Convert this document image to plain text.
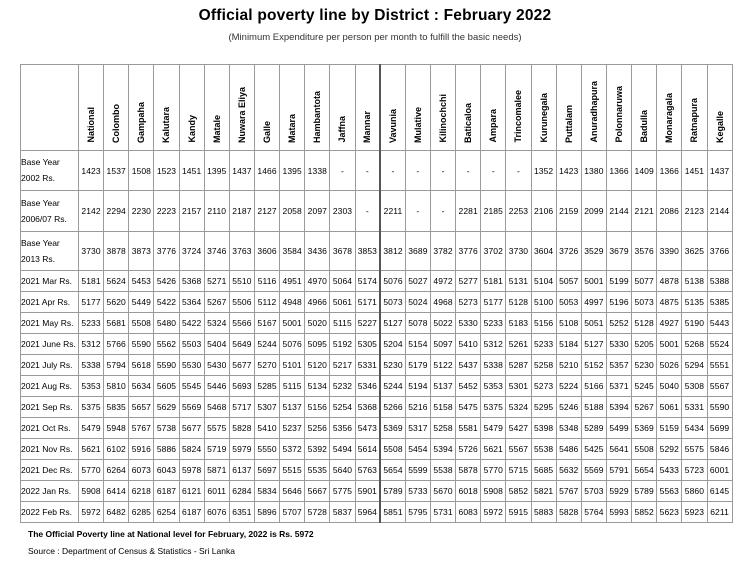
Official poverty line by District : February 2022
(Minimum Expenditure per person per month to fulfill the basic needs)
	National	Colombo	Gampaha	Kalutara	Kandy	Matale	Nuwara Eliya	Galle	Matara	Hambantota	Jaffna	Mannar	Vavunia	Mulative	Kilinochchi	Baticaloa	Ampara	Trincomalee	Kurunegala	Puttalam	Anuradhapura	Polonnaruwa	Badulla	Monaragala	Ratnapura	Kegalle

Base Year
2002 Rs.	1423	1537	1508	1523	1451	1395	1437	1466	1395	1338	-	-	-	-	-	-	-	-	1352	1423	1380	1366	1409	1366	1451	1437

Base Year
2006/07 Rs.	2142	2294	2230	2223	2157	2110	2187	2127	2058	2097	2303	-	2211	-	-	2281	2185	2253	2106	2159	2099	2144	2121	2086	2123	2144

Base Year
2013 Rs.	3730	3878	3873	3776	3724	3746	3763	3606	3584	3436	3678	3853	3812	3689	3782	3776	3702	3730	3604	3726	3529	3679	3576	3390	3625	3766

2021 Mar Rs.	5181	5624	5453	5426	5368	5271	5510	5116	4951	4970	5064	5174	5076	5027	4972	5277	5181	5131	5104	5057	5001	5199	5077	4878	5138	5388

2021 Apr Rs.	5177	5620	5449	5422	5364	5267	5506	5112	4948	4966	5061	5171	5073	5024	4968	5273	5177	5128	5100	5053	4997	5196	5073	4875	5135	5385

2021 May Rs.	5233	5681	5508	5480	5422	5324	5566	5167	5001	5020	5115	5227	5127	5078	5022	5330	5233	5183	5156	5108	5051	5252	5128	4927	5190	5443

2021 June Rs.	5312	5766	5590	5562	5503	5404	5649	5244	5076	5095	5192	5305	5204	5154	5097	5410	5312	5261	5233	5184	5127	5330	5205	5001	5268	5524

2021 July Rs.	5338	5794	5618	5590	5530	5430	5677	5270	5101	5120	5217	5331	5230	5179	5122	5437	5338	5287	5258	5210	5152	5357	5230	5026	5294	5551

2021 Aug Rs.	5353	5810	5634	5605	5545	5446	5693	5285	5115	5134	5232	5346	5244	5194	5137	5452	5353	5301	5273	5224	5166	5371	5245	5040	5308	5567

2021 Sep Rs.	5375	5835	5657	5629	5569	5468	5717	5307	5137	5156	5254	5368	5266	5216	5158	5475	5375	5324	5295	5246	5188	5394	5267	5061	5331	5590

2021 Oct Rs.	5479	5948	5767	5738	5677	5575	5828	5410	5237	5256	5356	5473	5369	5317	5258	5581	5479	5427	5398	5348	5289	5499	5369	5159	5434	5699

2021 Nov Rs.	5621	6102	5916	5886	5824	5719	5979	5550	5372	5392	5494	5614	5508	5454	5394	5726	5621	5567	5538	5486	5425	5641	5508	5292	5575	5846

2021 Dec Rs.	5770	6264	6073	6043	5978	5871	6137	5697	5515	5535	5640	5763	5654	5599	5538	5878	5770	5715	5685	5632	5569	5791	5654	5433	5723	6001

2022 Jan Rs.	5908	6414	6218	6187	6121	6011	6284	5834	5646	5667	5775	5901	5789	5733	5670	6018	5908	5852	5821	5767	5703	5929	5789	5563	5860	6145

2022 Feb Rs.	5972	6482	6285	6254	6187	6076	6351	5896	5707	5728	5837	5964	5851	5795	5731	6083	5972	5915	5883	5828	5764	5993	5852	5623	5923	6211
The Official Poverty line at National level for February, 2022 is Rs. 5972
Source : Department of Census & Statistics - Sri Lanka
